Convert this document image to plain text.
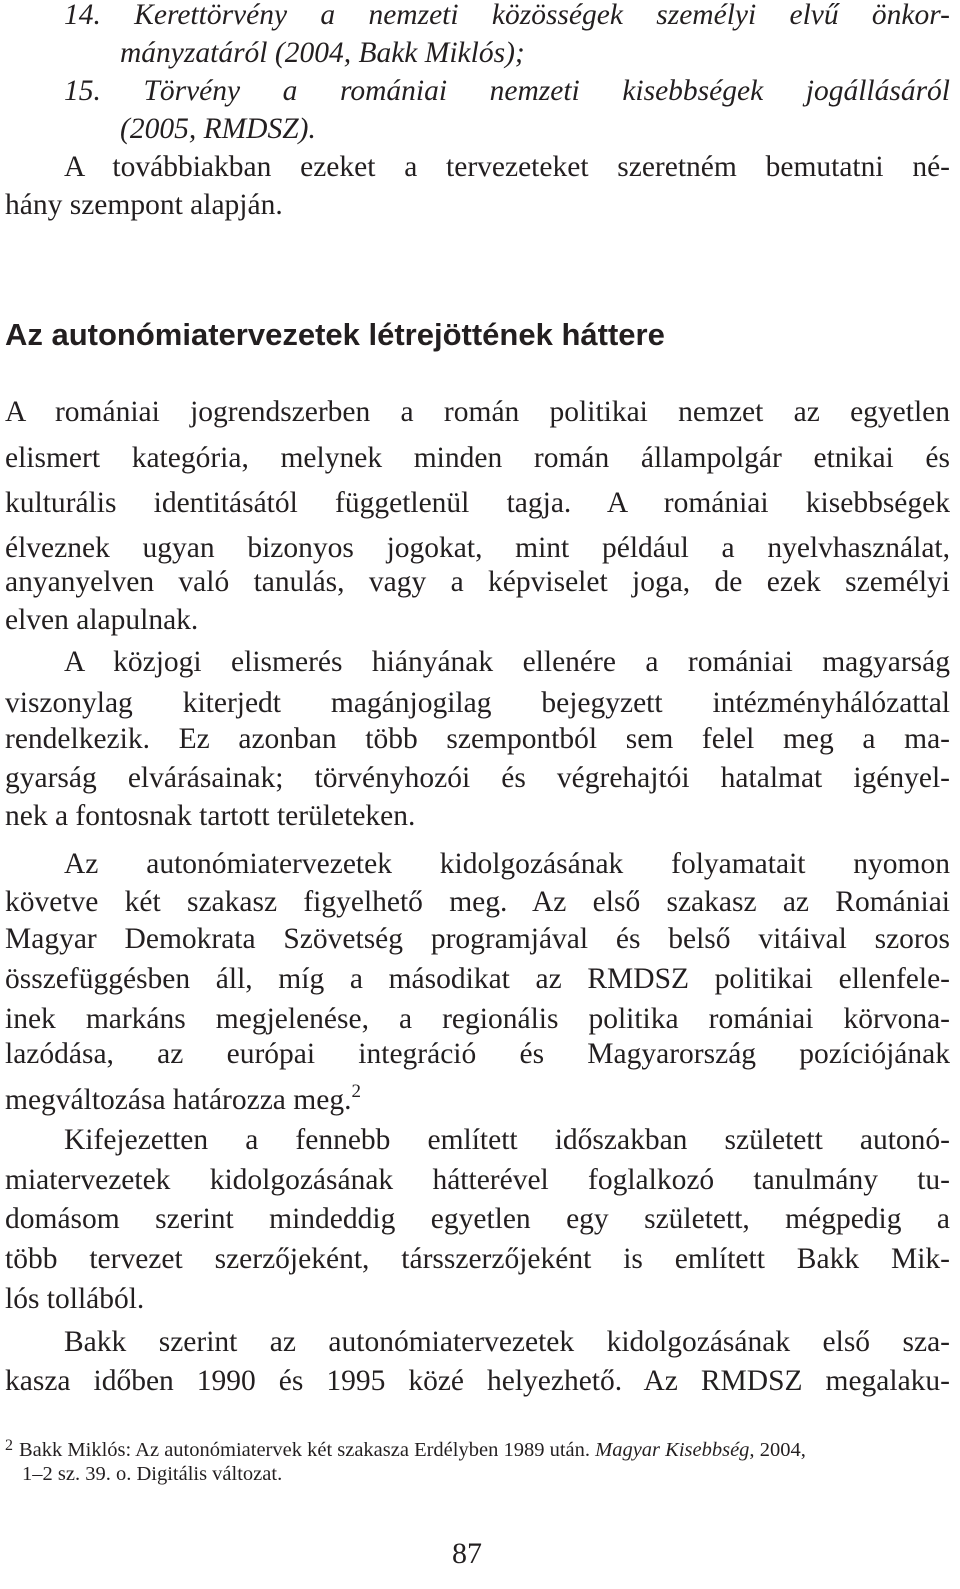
14. Kerettörvény a nemzeti közösségek személyi elvű önkor-

mányzatáról (2004, Bakk Miklós);

15. Törvény a romániai nemzeti kisebbségek jogállásáról

(2005, RMDSZ).

A továbbiakban ezeket a tervezeteket szeretném bemutatni né-

hány szempont alapján.

Az autonómiatervezetek létrejöttének háttere

A romániai jogrendszerben a román politikai nemzet az egyetlen

elismert kategória, melynek minden román állampolgár etnikai és

kulturális identitásától függetlenül tagja. A romániai kisebbségek

élveznek ugyan bizonyos jogokat, mint például a nyelvhasználat,

anyanyelven való tanulás, vagy a képviselet joga, de ezek személyi

elven alapulnak.

A közjogi elismerés hiányának ellenére a romániai magyarság

viszonylag kiterjedt magánjogilag bejegyzett intézményhálózattal

rendelkezik. Ez azonban több szempontból sem felel meg a ma-

gyarság elvárásainak; törvényhozói és végrehajtói hatalmat igényel-

nek a fontosnak tartott területeken.

Az autonómiatervezetek kidolgozásának folyamatait nyomon

követve két szakasz figyelhető meg. Az első szakasz az Romániai

Magyar Demokrata Szövetség programjával és belső vitáival szoros

összefüggésben áll, míg a másodikat az RMDSZ politikai ellenfele-

inek markáns megjelenése, a regionális politika romániai körvona-

lazódása, az európai integráció és Magyarország pozíciójának

megváltozása határozza meg.$^2$

Kifejezetten a fennebb említett időszakban született autonó-

miatervezetek kidolgozásának hátterével foglalkozó tanulmány tu-

domásom szerint mindeddig egyetlen egy született, mégpedig a

több tervezet szerzőjeként, társszerzőjeként is említett Bakk Mik-

lós tollából.

Bakk szerint az autonómiatervezetek kidolgozásának első sza-

kasza időben 1990 és 1995 közé helyezhető. Az RMDSZ megalaku-

$^2$ Bakk Miklós: Az autonómiatervek két szakasza Erdélyben 1989 után. Magyar Kisebbség, 2004,

1–2 sz. 39. o. Digitális változat.

87
